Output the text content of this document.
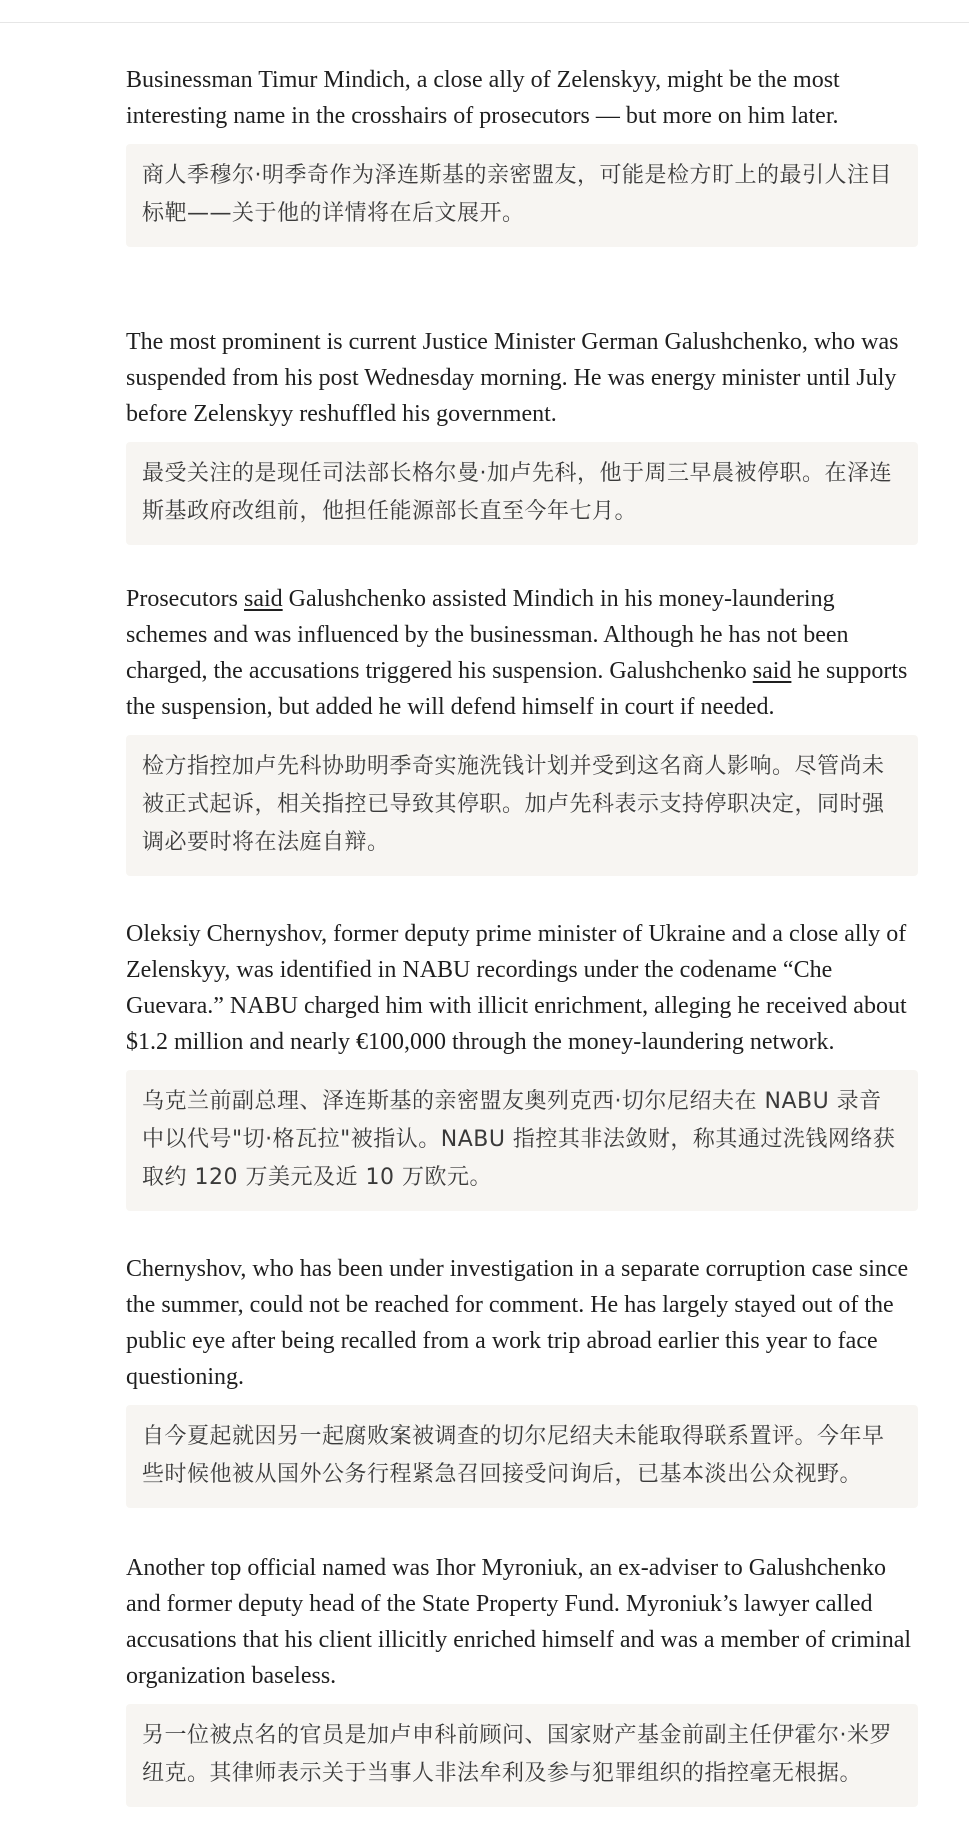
Businessman Timur Mindich, a close ally of Zelenskyy, might be the most interesting name in the crosshairs of prosecutors — but more on him later.

商人季穆尔·明季奇作为泽连斯基的亲密盟友，可能是检方盯上的最引人注目标靶——关于他的详情将在后文展开。

The most prominent is current Justice Minister German Galushchenko, who was suspended from his post Wednesday morning. He was energy minister until July before Zelenskyy reshuffled his government.

最受关注的是现任司法部长格尔曼·加卢先科，他于周三早晨被停职。在泽连斯基政府改组前，他担任能源部长直至今年七月。

Prosecutors said Galushchenko assisted Mindich in his money-laundering schemes and was influenced by the businessman. Although he has not been charged, the accusations triggered his suspension. Galushchenko said he supports the suspension, but added he will defend himself in court if needed.

检方指控加卢先科协助明季奇实施洗钱计划并受到这名商人影响。尽管尚未被正式起诉，相关指控已导致其停职。加卢先科表示支持停职决定，同时强调必要时将在法庭自辩。

Oleksiy Chernyshov, former deputy prime minister of Ukraine and a close ally of Zelenskyy, was identified in NABU recordings under the codename “Che Guevara.” NABU charged him with illicit enrichment, alleging he received about $1.2 million and nearly €100,000 through the money-laundering network.

乌克兰前副总理、泽连斯基的亲密盟友奥列克西·切尔尼绍夫在 NABU 录音中以代号"切·格瓦拉"被指认。NABU 指控其非法敛财，称其通过洗钱网络获取约 120 万美元及近 10 万欧元。

Chernyshov, who has been under investigation in a separate corruption case since the summer, could not be reached for comment. He has largely stayed out of the public eye after being recalled from a work trip abroad earlier this year to face questioning.

自今夏起就因另一起腐败案被调查的切尔尼绍夫未能取得联系置评。今年早些时候他被从国外公务行程紧急召回接受问询后，已基本淡出公众视野。

Another top official named was Ihor Myroniuk, an ex-adviser to Galushchenko and former deputy head of the State Property Fund. Myroniuk’s lawyer called accusations that his client illicitly enriched himself and was a member of criminal organization baseless.

另一位被点名的官员是加卢申科前顾问、国家财产基金前副主任伊霍尔·米罗纽克。其律师表示关于当事人非法牟利及参与犯罪组织的指控毫无根据。
